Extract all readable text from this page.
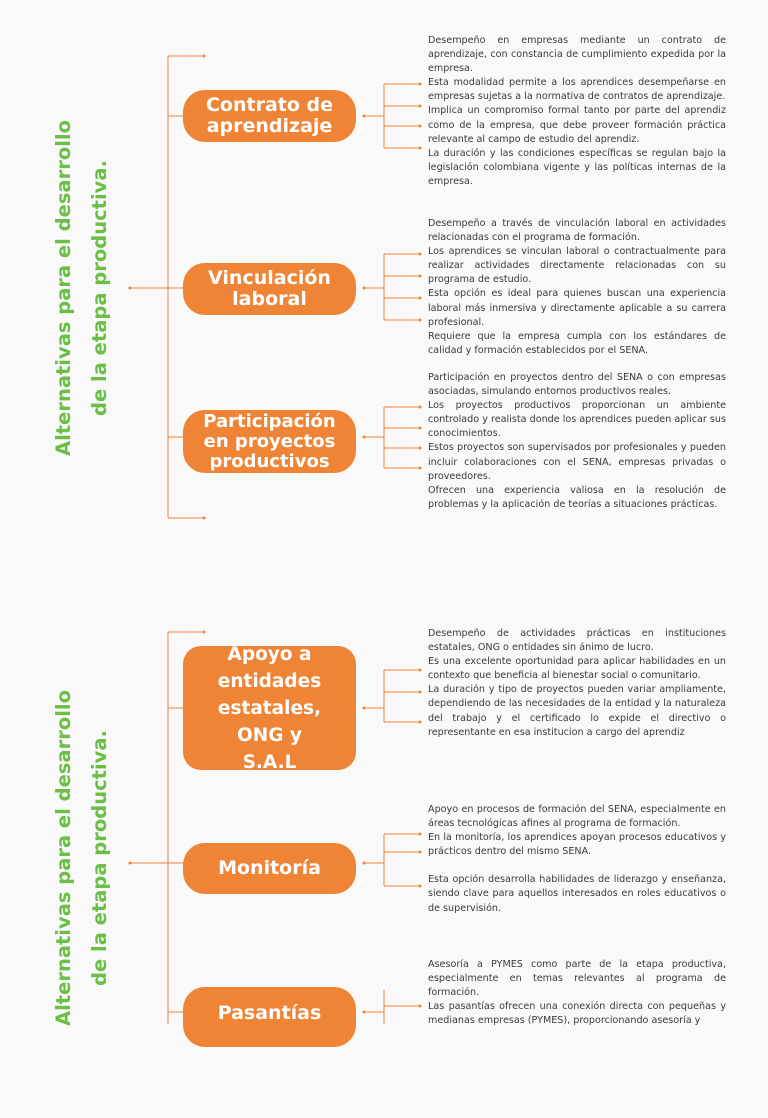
Alternativas para el desarrollo de la etapa productiva.
Contrato de aprendizaje
Vinculación laboral
Participación en proyectos productivos

Desempeño en empresas mediante un contrato de aprendizaje, con constancia de cumplimiento expedida por la empresa.

Esta modalidad permite a los aprendices desempeñarse en empresas sujetas a la normativa de contratos de aprendizaje.

Implica un compromiso formal tanto por parte del aprendiz como de la empresa, que debe proveer formación práctica relevante al campo de estudio del aprendiz.

La duración y las condiciones específicas se regulan bajo la legislación colombiana vigente y las políticas internas de la empresa.

Desempeño a través de vinculación laboral en actividades relacionadas con el programa de formación.

Los aprendices se vinculan laboral o contractualmente para realizar actividades directamente relacionadas con su programa de estudio.

Esta opción es ideal para quienes buscan una experiencia laboral más inmersiva y directamente aplicable a su carrera profesional.

Requiere que la empresa cumpla con los estándares de calidad y formación establecidos por el SENA.

Participación en proyectos dentro del SENA o con empresas asociadas, simulando entornos productivos reales.

Los proyectos productivos proporcionan un ambiente controlado y realista donde los aprendices pueden aplicar sus conocimientos.

Estos proyectos son supervisados por profesionales y pueden incluir colaboraciones con el SENA, empresas privadas o proveedores.

Ofrecen una experiencia valiosa en la resolución de problemas y la aplicación de teorías a situaciones prácticas.

Alternativas para el desarrollo de la etapa productiva.
Apoyo a entidades estatales, ONG y S.A.L
Monitoría
Pasantías

Desempeño de actividades prácticas en instituciones estatales, ONG o entidades sin ánimo de lucro.

Es una excelente oportunidad para aplicar habilidades en un contexto que beneficia al bienestar social o comunitario.

La duración y tipo de proyectos pueden variar ampliamente, dependiendo de las necesidades de la entidad y la naturaleza del trabajo y el certificado lo expide el directivo o representante en esa institucion a cargo del aprendiz

Apoyo en procesos de formación del SENA, especialmente en áreas tecnológicas afines al programa de formación.

En la monitoría, los aprendices apoyan procesos educativos y prácticos dentro del mismo SENA.

Esta opción desarrolla habilidades de liderazgo y enseñanza, siendo clave para aquellos interesados en roles educativos o de supervisión.

Asesoría a PYMES como parte de la etapa productiva, especialmente en temas relevantes al programa de formación.

Las pasantías ofrecen una conexión directa con pequeñas y medianas empresas (PYMES), proporcionando asesoría y
